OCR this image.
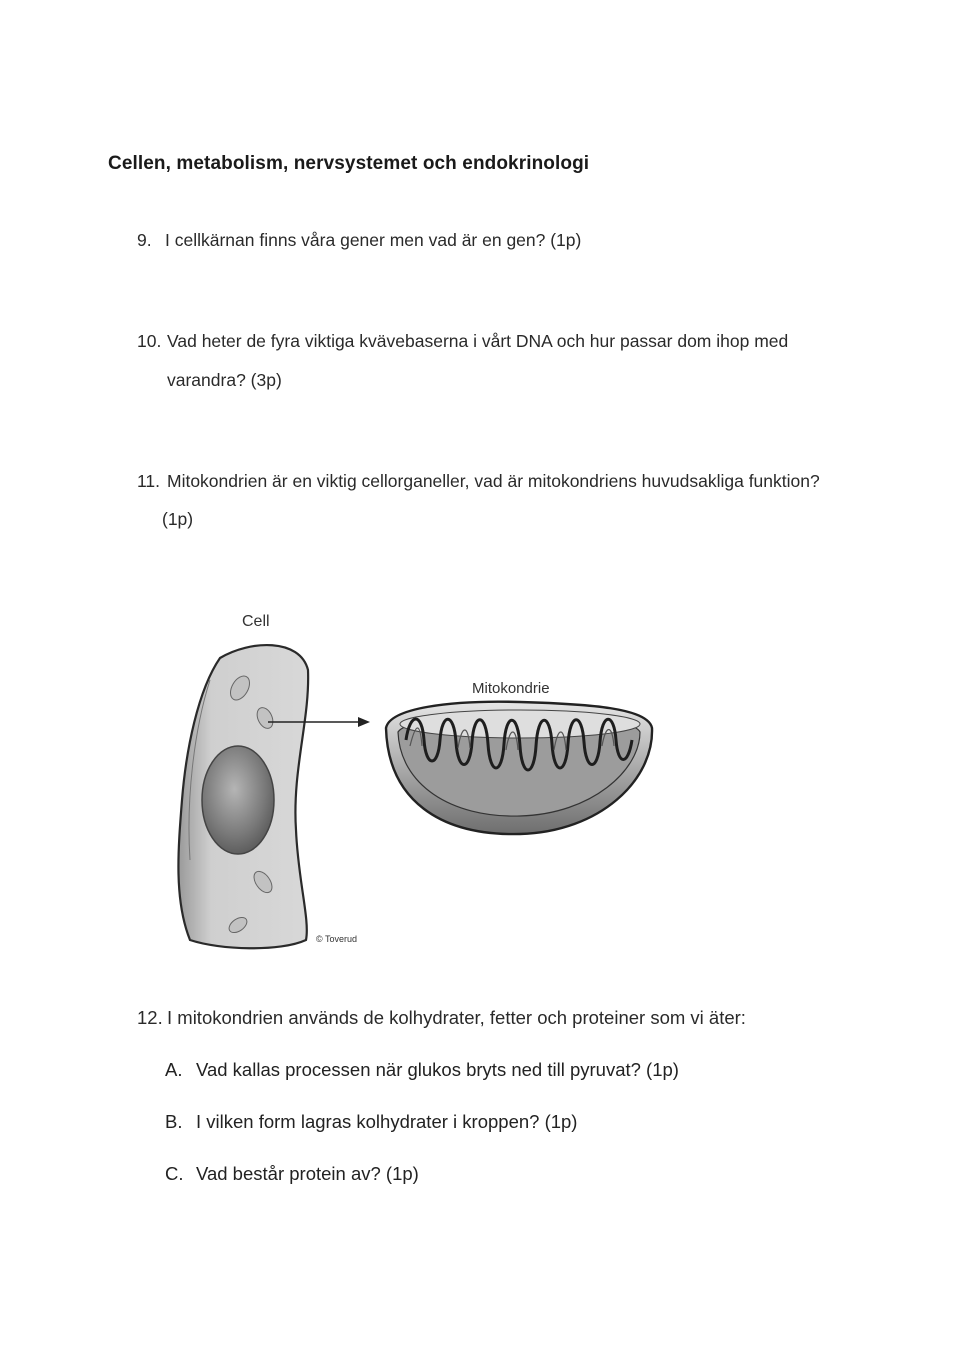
Cellen, metabolism, nervsystemet och endokrinologi
9. I cellkärnan finns våra gener men vad är en gen? (1p)
10. Vad heter de fyra viktiga kvävebaserna i vårt DNA och hur passar dom ihop med
varandra? (3p)
11. Mitokondrien är en viktig cellorganeller, vad är mitokondriens huvudsakliga funktion?
(1p)
Cell
Mitokondrie
© Toverud
12. I mitokondrien används de kolhydrater, fetter och proteiner som vi äter:
A. Vad kallas processen när glukos bryts ned till pyruvat? (1p)
B. I vilken form lagras kolhydrater i kroppen? (1p)
C. Vad består protein av? (1p)
